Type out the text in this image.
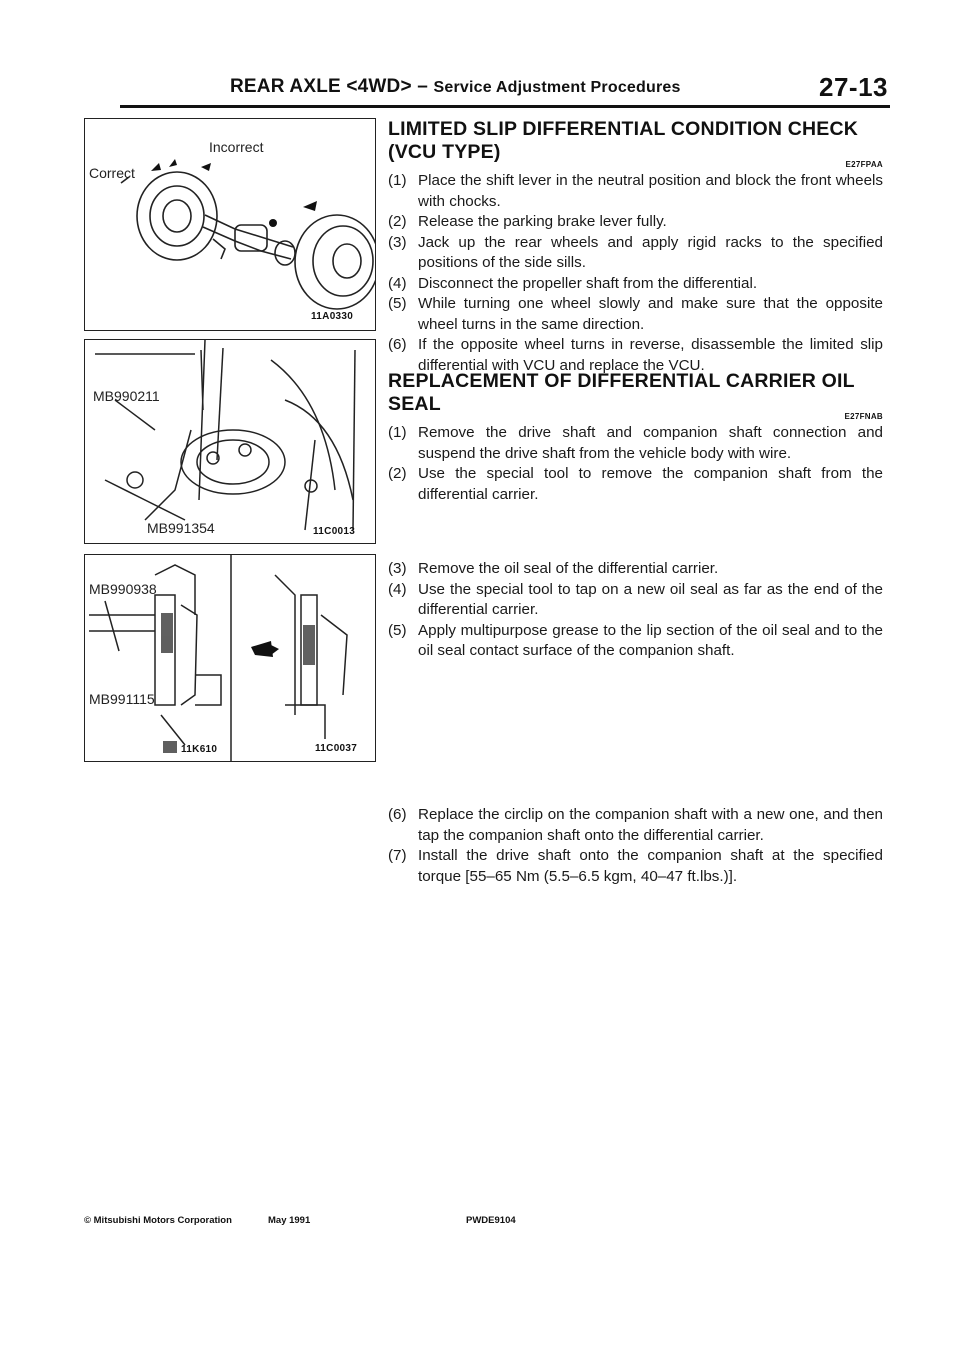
REAR AXLE <4WD> – Service Adjustment Procedures	27-13
Incorrect
Correct
11A0330
MB990211
MB991354	11C0013
MB990938
MB991115
11K610	11C0037
LIMITED SLIP DIFFERENTIAL CONDITION CHECK (VCU TYPE)
E27FPAA
(1) Place the shift lever in the neutral position and block the front wheels with chocks.
(2) Release the parking brake lever fully.
(3) Jack up the rear wheels and apply rigid racks to the specified positions of the side sills.
(4) Disconnect the propeller shaft from the differential.
(5) While turning one wheel slowly and make sure that the opposite wheel turns in the same direction.
(6) If the opposite wheel turns in reverse, disassemble the limited slip differential with VCU and replace the VCU.
REPLACEMENT OF DIFFERENTIAL CARRIER OIL SEAL
E27FNAB
(1) Remove the drive shaft and companion shaft connection and suspend the drive shaft from the vehicle body with wire.
(2) Use the special tool to remove the companion shaft from the differential carrier.
(3) Remove the oil seal of the differential carrier.
(4) Use the special tool to tap on a new oil seal as far as the end of the differential carrier.
(5) Apply multipurpose grease to the lip section of the oil seal and to the oil seal contact surface of the companion shaft.
(6) Replace the circlip on the companion shaft with a new one, and then tap the companion shaft onto the differential carrier.
(7) Install the drive shaft onto the companion shaft at the specified torque [55–65 Nm (5.5–6.5 kgm, 40–47 ft.lbs.)].
© Mitsubishi Motors Corporation	May 1991	PWDE9104
